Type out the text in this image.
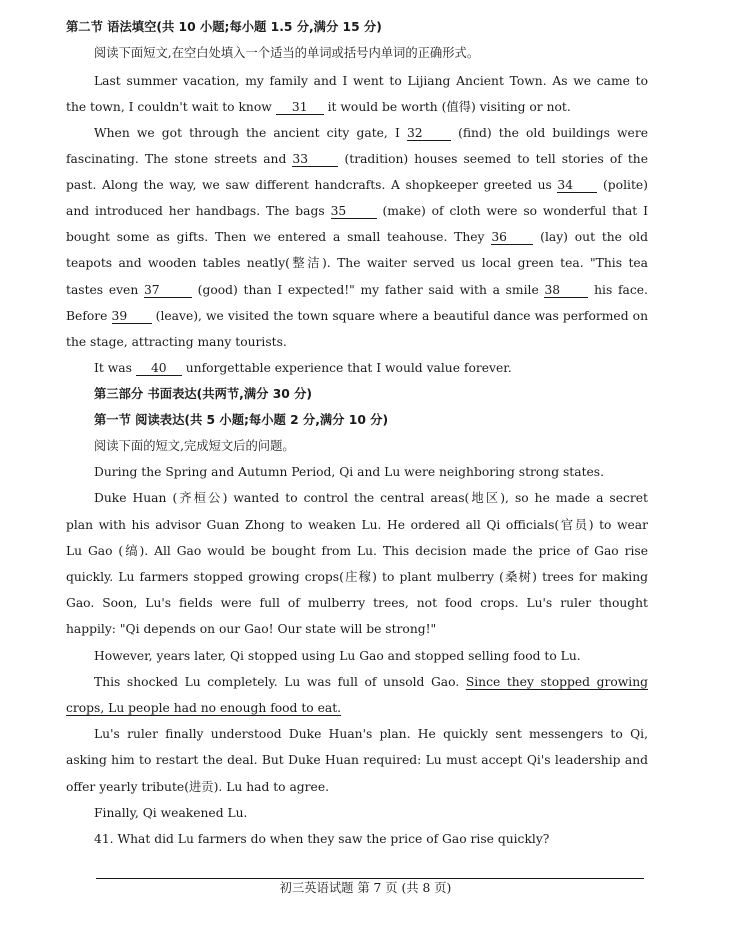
第二节 语法填空(共 10 小题;每小题 1.5 分,满分 15 分)
阅读下面短文,在空白处填入一个适当的单词或括号内单词的正确形式。
Last summer vacation, my family and I went to Lijiang Ancient Town. As we came to
the town, I couldn't wait to know 31 it would be worth (值得) visiting or not.
When we got through the ancient city gate, I 32	(find) the old buildings were
fascinating. The stone streets and 33	(tradition) houses seemed to tell stories of the
past. Along the way, we saw different handcrafts. A shopkeeper greeted us 34 (polite)
and introduced her handbags. The bags 35	(make) of cloth were so wonderful that I
bought some as gifts. Then we entered a small teahouse. They 36	(lay) out the old
teapots and wooden tables neatly(整洁). The waiter served us local green tea. "This tea
tastes even 37	(good) than I expected!" my father said with a smile 38	his face.
Before 39 (leave), we visited the town square where a beautiful dance was performed on
the stage, attracting many tourists.
It was 40 unforgettable experience that I would value forever.
第三部分 书面表达(共两节,满分 30 分)
第一节 阅读表达(共 5 小题;每小题 2 分,满分 10 分)
阅读下面的短文,完成短文后的问题。
During the Spring and Autumn Period, Qi and Lu were neighboring strong states.
Duke Huan (齐桓公) wanted to control the central areas(地区), so he made a secret
plan with his advisor Guan Zhong to weaken Lu. He ordered all Qi officials(官员) to wear
Lu Gao (缟). All Gao would be bought from Lu. This decision made the price of Gao rise
quickly. Lu farmers stopped growing crops(庄稼) to plant mulberry (桑树) trees for making
Gao. Soon, Lu's fields were full of mulberry trees, not food crops. Lu's ruler thought
happily: "Qi depends on our Gao! Our state will be strong!"
However, years later, Qi stopped using Lu Gao and stopped selling food to Lu.
This shocked Lu completely. Lu was full of unsold Gao. Since they stopped growing
crops, Lu people had no enough food to eat.
Lu's ruler finally understood Duke Huan's plan. He quickly sent messengers to Qi,
asking him to restart the deal. But Duke Huan required: Lu must accept Qi's leadership and
offer yearly tribute(进贡). Lu had to agree.
Finally, Qi weakened Lu.
41. What did Lu farmers do when they saw the price of Gao rise quickly?
初三英语试题 第 7 页 (共 8 页)
